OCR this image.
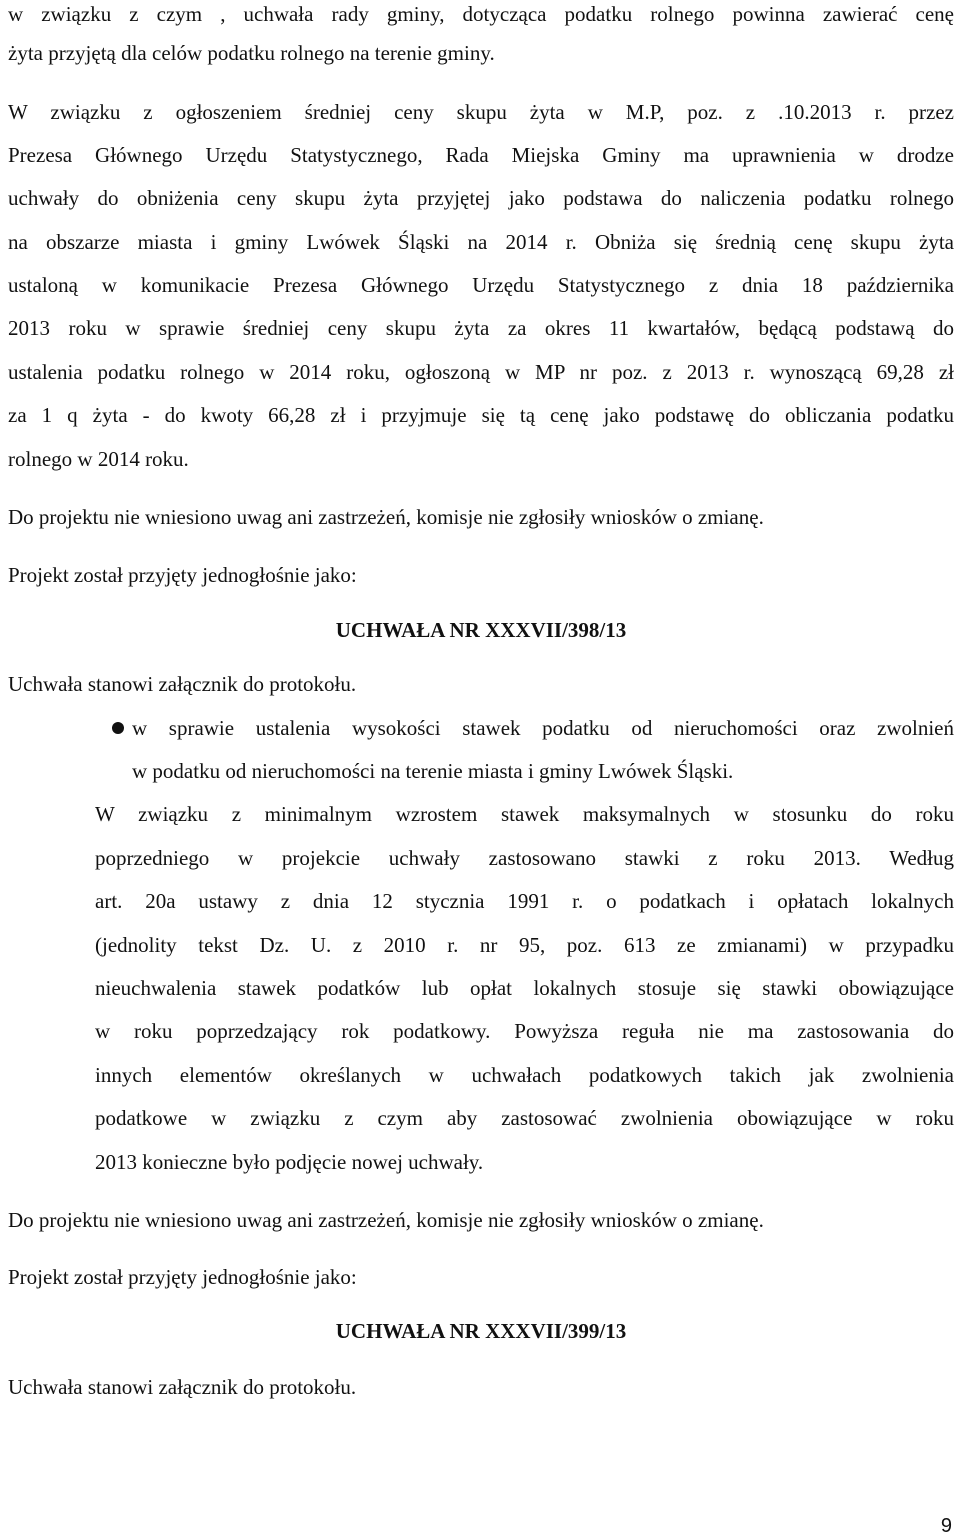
w związku z czym , uchwała rady gminy, dotycząca podatku rolnego powinna zawierać cenę
żyta przyjętą dla celów podatku rolnego na terenie gminy.
W związku z ogłoszeniem średniej ceny skupu żyta w M.P, poz. z .10.2013 r. przez
Prezesa Głównego Urzędu Statystycznego, Rada Miejska Gminy ma uprawnienia w drodze
uchwały do obniżenia ceny skupu żyta przyjętej jako podstawa do naliczenia podatku rolnego
na obszarze miasta i gminy Lwówek Śląski na 2014 r. Obniża się średnią cenę skupu żyta
ustaloną w komunikacie Prezesa Głównego Urzędu Statystycznego z dnia 18 października
2013 roku w sprawie średniej ceny skupu żyta za okres 11 kwartałów, będącą podstawą do
ustalenia podatku rolnego w 2014 roku, ogłoszoną w MP nr poz. z 2013 r. wynoszącą 69,28 zł
za 1 q żyta - do kwoty 66,28 zł i przyjmuje się tą cenę jako podstawę do obliczania podatku
rolnego w 2014 roku.
Do projektu nie wniesiono uwag ani zastrzeżeń, komisje nie zgłosiły wniosków o zmianę.
Projekt został przyjęty jednogłośnie jako:
UCHWAŁA NR XXXVII/398/13
Uchwała stanowi załącznik do protokołu.
w sprawie ustalenia wysokości stawek podatku od nieruchomości oraz zwolnień
w podatku od nieruchomości na terenie miasta i gminy Lwówek Śląski.
W związku z minimalnym wzrostem stawek maksymalnych w stosunku do roku
poprzedniego w projekcie uchwały zastosowano stawki z roku 2013. Według
art. 20a ustawy z dnia 12 stycznia 1991 r. o podatkach i opłatach lokalnych
(jednolity tekst Dz. U. z 2010 r. nr 95, poz. 613 ze zmianami) w przypadku
nieuchwalenia stawek podatków lub opłat lokalnych stosuje się stawki obowiązujące
w roku poprzedzający rok podatkowy. Powyższa reguła nie ma zastosowania do
innych elementów określanych w uchwałach podatkowych takich jak zwolnienia
podatkowe w związku z czym aby zastosować zwolnienia obowiązujące w roku
2013 konieczne było podjęcie nowej uchwały.
Do projektu nie wniesiono uwag ani zastrzeżeń, komisje nie zgłosiły wniosków o zmianę.
Projekt został przyjęty jednogłośnie jako:
UCHWAŁA NR XXXVII/399/13
Uchwała stanowi załącznik do protokołu.
9
